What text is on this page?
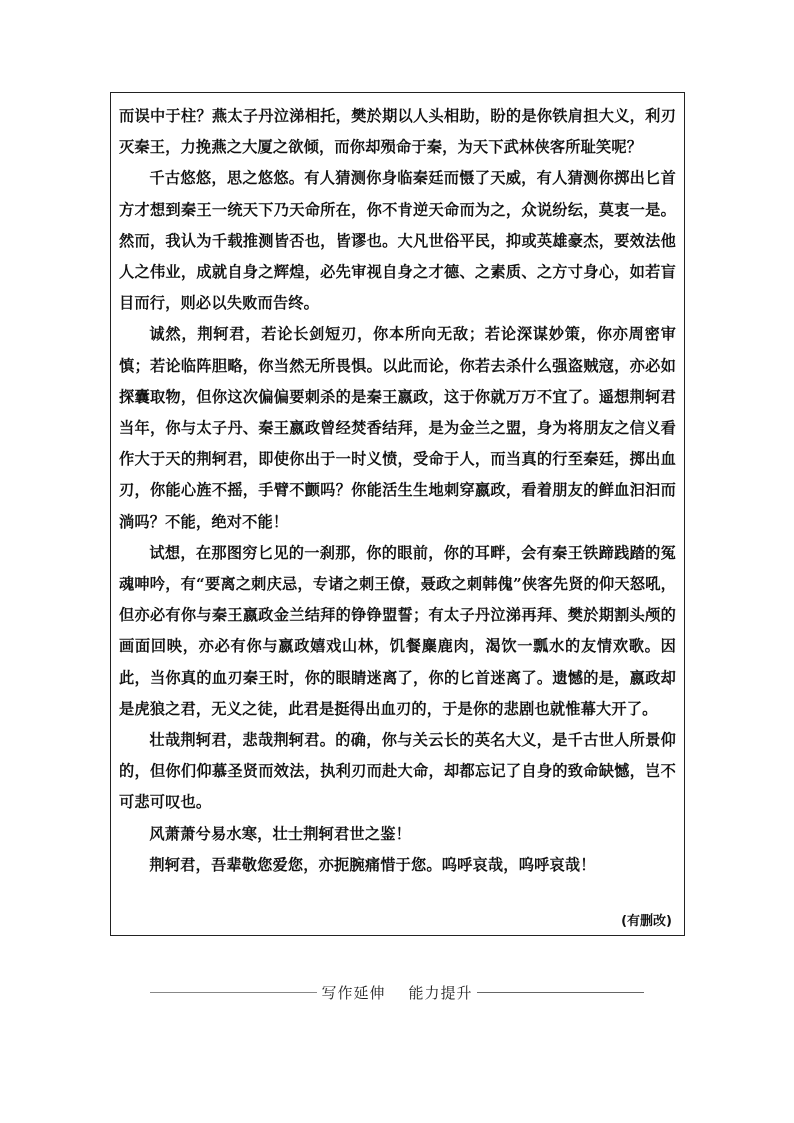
而误中于柱？燕太子丹泣涕相托，樊於期以人头相助，盼的是你铁肩担大义，利刃灭秦王，力挽燕之大厦之欲倾，而你却殒命于秦，为天下武林侠客所耻笑呢？

千古悠悠，思之悠悠。有人猜测你身临秦廷而慑了天威，有人猜测你掷出匕首方才想到秦王一统天下乃天命所在，你不肯逆天命而为之，众说纷纭，莫衷一是。然而，我认为千载推测皆否也，皆谬也。大凡世俗平民，抑或英雄豪杰，要效法他人之伟业，成就自身之辉煌，必先审视自身之才德、之素质、之方寸身心，如若盲目而行，则必以失败而告终。

诚然，荆轲君，若论长剑短刃，你本所向无敌；若论深谋妙策，你亦周密审慎；若论临阵胆略，你当然无所畏惧。以此而论，你若去杀什么强盗贼寇，亦必如探囊取物，但你这次偏偏要刺杀的是秦王嬴政，这于你就万万不宜了。遥想荆轲君当年，你与太子丹、秦王嬴政曾经焚香结拜，是为金兰之盟，身为将朋友之信义看作大于天的荆轲君，即使你出于一时义愤，受命于人，而当真的行至秦廷，掷出血刃，你能心旌不摇，手臂不颤吗？你能活生生地刺穿嬴政，看着朋友的鲜血汩汩而淌吗？不能，绝对不能！

试想，在那图穷匕见的一刹那，你的眼前，你的耳畔，会有秦王铁蹄践踏的冤魂呻吟，有“要离之刺庆忌，专诸之刺王僚，聂政之刺韩傀”侠客先贤的仰天怒吼，但亦必有你与秦王嬴政金兰结拜的铮铮盟誓；有太子丹泣涕再拜、樊於期割头颅的画面回映，亦必有你与嬴政嬉戏山林，饥餐麋鹿肉，渴饮一瓢水的友情欢歌。因此，当你真的血刃秦王时，你的眼睛迷离了，你的匕首迷离了。遗憾的是，嬴政却是虎狼之君，无义之徒，此君是挺得出血刃的，于是你的悲剧也就惟幕大开了。

壮哉荆轲君，悲哉荆轲君。的确，你与关云长的英名大义，是千古世人所景仰的，但你们仰慕圣贤而效法，执利刃而赴大命，却都忘记了自身的致命缺憾，岂不可悲可叹也。

风萧萧兮易水寒，壮士荆轲君世之鉴！

荆轲君，吾辈敬您爱您，亦扼腕痛惜于您。呜呼哀哉，呜呼哀哉！

(有删改)
写作延伸    能力提升
